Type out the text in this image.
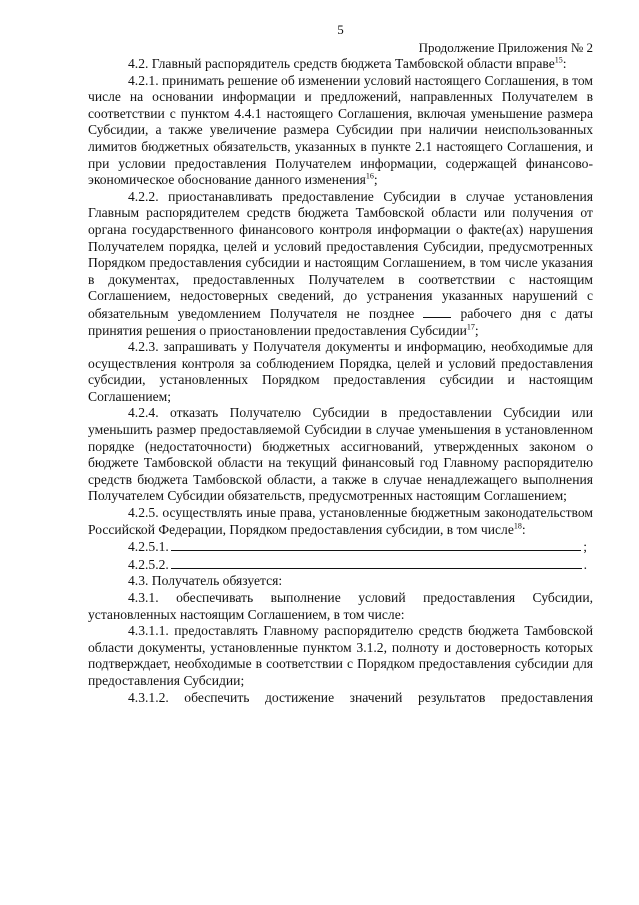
5
Продолжение Приложения № 2

4.2. Главный распорядитель средств бюджета Тамбовской области вправе$^{15}$:

4.2.1. принимать решение об изменении условий настоящего Соглашения, в том числе на основании информации и предложений, направленных Получателем в соответствии с пунктом 4.4.1 настоящего Соглашения, включая уменьшение размера Субсидии, а также увеличение размера Субсидии при наличии неиспользованных лимитов бюджетных обязательств, указанных в пункте 2.1 настоящего Соглашения, и при условии предоставления Получателем информации, содержащей финансово-экономическое обоснование данного изменения$^{16}$;

4.2.2. приостанавливать предоставление Субсидии в случае установления Главным распорядителем средств бюджета Тамбовской области или получения от органа государственного финансового контроля информации о факте(ах) нарушения Получателем порядка, целей и условий предоставления Субсидии, предусмотренных Порядком предоставления субсидии и настоящим Соглашением, в том числе указания в документах, предоставленных Получателем в соответствии с настоящим Соглашением, недостоверных сведений, до устранения указанных нарушений с обязательным уведомлением Получателя не позднее	рабочего дня с даты принятия решения о приостановлении предоставления Субсидии$^{17}$;

4.2.3. запрашивать у Получателя документы и информацию, необходимые для осуществления контроля за соблюдением Порядка, целей и условий предоставления субсидии, установленных Порядком предоставления субсидии и настоящим Соглашением;

4.2.4. отказать Получателю Субсидии в предоставлении Субсидии или уменьшить размер предоставляемой Субсидии в случае уменьшения в установленном порядке (недостаточности) бюджетных ассигнований, утвержденных законом о бюджете Тамбовской области на текущий финансовый год Главному распорядителю средств бюджета Тамбовской области, а также в случае ненадлежащего выполнения Получателем Субсидии обязательств, предусмотренных настоящим Соглашением;

4.2.5. осуществлять иные права, установленные бюджетным законодательством Российской Федерации, Порядком предоставления субсидии, в том числе$^{18}$:

4.2.5.1.	;
4.2.5.2.	.

4.3. Получатель обязуется:

4.3.1. обеспечивать выполнение условий предоставления Субсидии, установленных настоящим Соглашением, в том числе:

4.3.1.1. предоставлять Главному распорядителю средств бюджета Тамбовской области документы, установленные пунктом 3.1.2, полноту и достоверность которых подтверждает, необходимые в соответствии с Порядком предоставления субсидии для предоставления Субсидии;

4.3.1.2. обеспечить достижение значений результатов предоставления
